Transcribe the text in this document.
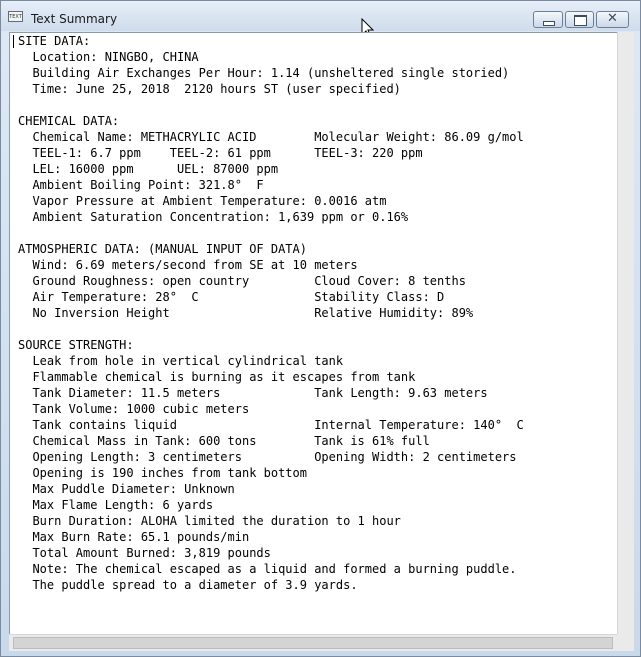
TEXT Text Summary	✕
SITE DATA:
Location: NINGBO, CHINA
Building Air Exchanges Per Hour: 1.14 (unsheltered single storied)
Time: June 25, 2018  2120 hours ST (user specified)

CHEMICAL DATA:
Chemical Name: METHACRYLIC ACID        Molecular Weight: 86.09 g/mol
TEEL-1: 6.7 ppm    TEEL-2: 61 ppm      TEEL-3: 220 ppm
LEL: 16000 ppm      UEL: 87000 ppm
Ambient Boiling Point: 321.8°  F
Vapor Pressure at Ambient Temperature: 0.0016 atm
Ambient Saturation Concentration: 1,639 ppm or 0.16%

ATMOSPHERIC DATA: (MANUAL INPUT OF DATA)
Wind: 6.69 meters/second from SE at 10 meters
Ground Roughness: open country         Cloud Cover: 8 tenths
Air Temperature: 28°  C                Stability Class: D
No Inversion Height                    Relative Humidity: 89%

SOURCE STRENGTH:
Leak from hole in vertical cylindrical tank
Flammable chemical is burning as it escapes from tank
Tank Diameter: 11.5 meters             Tank Length: 9.63 meters
Tank Volume: 1000 cubic meters
Tank contains liquid                   Internal Temperature: 140°  C
Chemical Mass in Tank: 600 tons        Tank is 61% full
Opening Length: 3 centimeters          Opening Width: 2 centimeters
Opening is 190 inches from tank bottom
Max Puddle Diameter: Unknown
Max Flame Length: 6 yards
Burn Duration: ALOHA limited the duration to 1 hour
Max Burn Rate: 65.1 pounds/min
Total Amount Burned: 3,819 pounds
Note: The chemical escaped as a liquid and formed a burning puddle.
The puddle spread to a diameter of 3.9 yards.
